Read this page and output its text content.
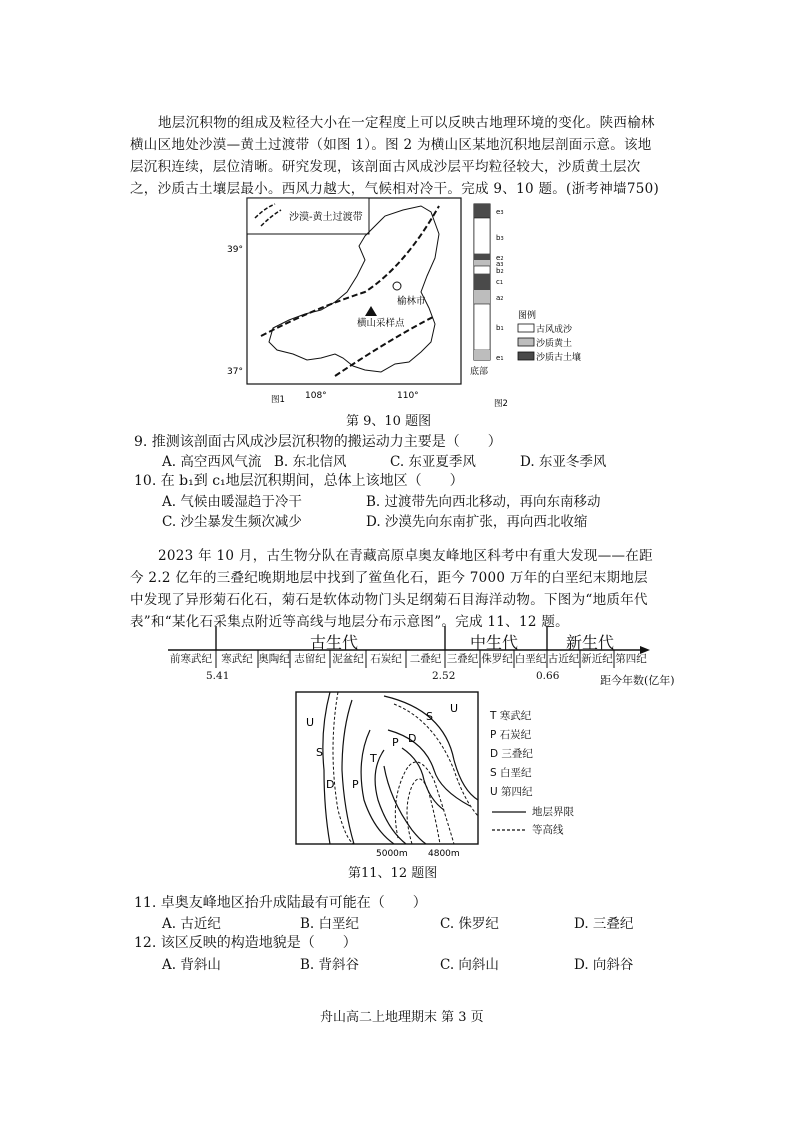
地层沉积物的组成及粒径大小在一定程度上可以反映古地理环境的变化。陕西榆林横山区地处沙漠—黄土过渡带（如图 1）。图 2 为横山区某地沉积地层剖面示意。该地层沉积连续，层位清晰。研究发现，该剖面古风成沙层平均粒径较大，沙质黄土层次之，沙质古土壤层最小。西风力越大，气候相对冷干。完成 9、10 题。(浙考神墙750)
沙漠-黄土过渡带
榆林市
横山采样点
39°
37°
108°	110°
图1
e3
b3
e2
a3
b2
c1
a2
b1
e1
底部
图2
图例
古风成沙
沙质黄土
沙质古土壤
第 9、10 题图
9. 推测该剖面古风成沙层沉积物的搬运动力主要是（　　）
A. 高空西风气流 B. 东北信风	C. 东亚夏季风	D. 东亚冬季风
10. 在 b₁到 c₁地层沉积期间，总体上该地区（　　）
A. 气候由暖湿趋于冷干	B. 过渡带先向西北移动，再向东南移动
C. 沙尘暴发生频次减少	D. 沙漠先向东南扩张，再向西北收缩
2023 年 10 月，古生物分队在青藏高原卓奥友峰地区科考中有重大发现——在距今 2.2 亿年的三叠纪晚期地层中找到了鲎鱼化石，距今 7000 万年的白垩纪末期地层中发现了异形菊石化石，菊石是软体动物门头足纲菊石目海洋动物。下图为“地质年代表”和“某化石采集点附近等高线与地层分布示意图”。完成 11、12 题。
古生代	中生代	新生代
前寒武纪 寒武纪 奥陶纪 志留纪 泥盆纪 石炭纪 二叠纪 三叠纪 侏罗纪 白垩纪 古近纪 新近纪 第四纪
5.41	2.52	0.66	距今年数(亿年)
U
S
D P
T
P D
S
U
5000m 4800m
T 寒武纪
P 石炭纪
D 三叠纪
S 白垩纪
U 第四纪
地层界限
等高线
第11、12 题图
11. 卓奥友峰地区抬升成陆最有可能在（　　）
A. 古近纪	B. 白垩纪	C. 侏罗纪	D. 三叠纪
12. 该区反映的构造地貌是（　　）
A. 背斜山	B. 背斜谷	C. 向斜山	D. 向斜谷
舟山高二上地理期末 第 3 页
